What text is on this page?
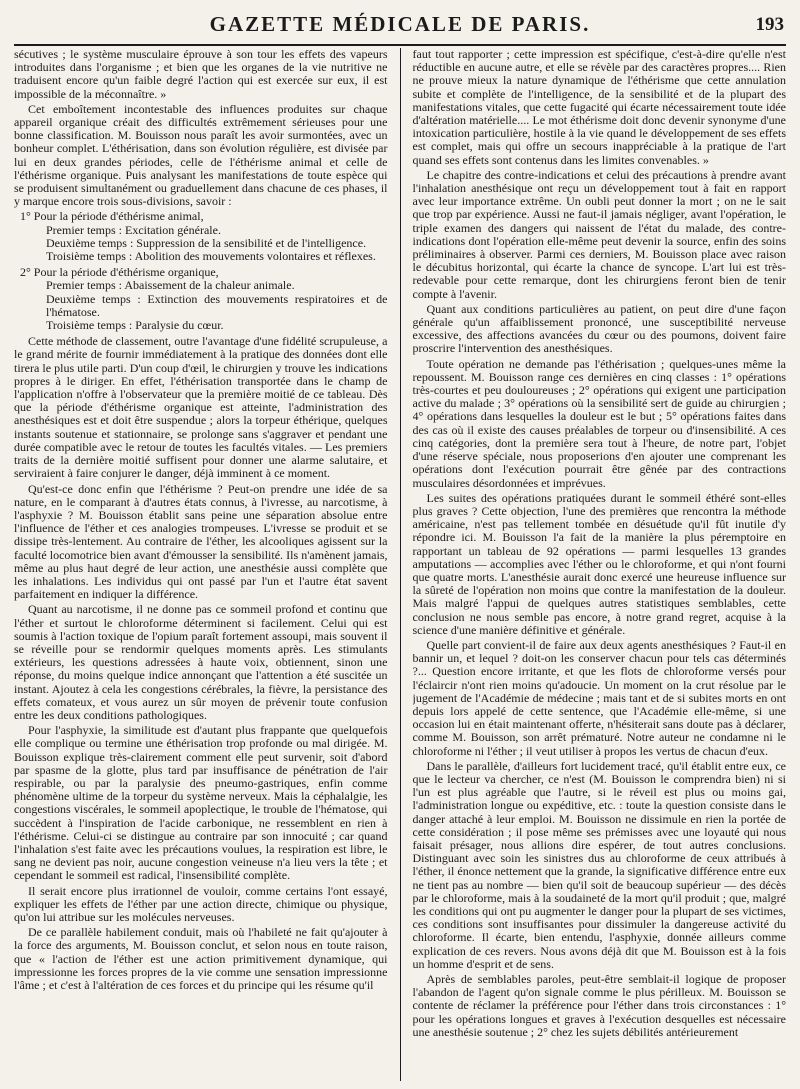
GAZETTE MÉDICALE DE PARIS.	193

sécutives ; le système musculaire éprouve à son tour les effets des vapeurs introduites dans l'organisme ; et bien que les organes de la vie nutritive ne traduisent encore qu'un faible degré l'action qui est exercée sur eux, il est impossible de la méconnaître. »

Cet emboîtement incontestable des influences produites sur chaque appareil organique créait des difficultés extrêmement sérieuses pour une bonne classification. M. Bouisson nous paraît les avoir surmontées, avec un bonheur complet. L'éthérisation, dans son évolution régulière, est divisée par lui en deux grandes périodes, celle de l'éthérisme animal et celle de l'éthérisme organique. Puis analysant les manifestations de toute espèce qui se produisent simultanément ou graduellement dans chacune de ces phases, il y marque encore trois sous-divisions, savoir :

1° Pour la période d'éthérisme animal,
Premier temps : Excitation générale.
Deuxième temps : Suppression de la sensibilité et de l'intelligence.
Troisième temps : Abolition des mouvements volontaires et réflexes.
2° Pour la période d'éthérisme organique,
Premier temps : Abaissement de la chaleur animale.
Deuxième temps : Extinction des mouvements respiratoires et de l'hématose.
Troisième temps : Paralysie du cœur.

Cette méthode de classement, outre l'avantage d'une fidélité scrupuleuse, a le grand mérite de fournir immédiatement à la pratique des données dont elle tirera le plus utile parti. D'un coup d'œil, le chirurgien y trouve les indications propres à le diriger. En effet, l'éthérisation transportée dans le champ de l'application n'offre à l'observateur que la première moitié de ce tableau. Dès que la période d'éthérisme organique est atteinte, l'administration des anesthésiques est et doit être suspendue ; alors la torpeur éthérique, quelques instants soutenue et stationnaire, se prolonge sans s'aggraver et pendant une durée compatible avec le retour de toutes les facultés vitales. — Les premiers traits de la dernière moitié suffisent pour donner une alarme salutaire, et serviraient à faire conjurer le danger, déjà imminent à ce moment.

Qu'est-ce donc enfin que l'éthérisme ? Peut-on prendre une idée de sa nature, en le comparant à d'autres états connus, à l'ivresse, au narcotisme, à l'asphyxie ? M. Bouisson établit sans peine une séparation absolue entre l'influence de l'éther et ces analogies trompeuses. L'ivresse se produit et se dissipe très-lentement. Au contraire de l'éther, les alcooliques agissent sur la faculté locomotrice bien avant d'émousser la sensibilité. Ils n'amènent jamais, même au plus haut degré de leur action, une anesthésie aussi complète que les inhalations. Les individus qui ont passé par l'un et l'autre état savent parfaitement en indiquer la différence.

Quant au narcotisme, il ne donne pas ce sommeil profond et continu que l'éther et surtout le chloroforme déterminent si facilement. Celui qui est soumis à l'action toxique de l'opium paraît fortement assoupi, mais souvent il se réveille pour se rendormir quelques moments après. Les stimulants extérieurs, les questions adressées à haute voix, obtiennent, sinon une réponse, du moins quelque indice annonçant que l'attention a été suscitée un instant. Ajoutez à cela les congestions cérébrales, la fièvre, la persistance des effets comateux, et vous aurez un sûr moyen de prévenir toute confusion entre les deux conditions pathologiques.

Pour l'asphyxie, la similitude est d'autant plus frappante que quelquefois elle complique ou termine une éthérisation trop profonde ou mal dirigée. M. Bouisson explique très-clairement comment elle peut survenir, soit d'abord par spasme de la glotte, plus tard par insuffisance de pénétration de l'air respirable, ou par la paralysie des pneumo-gastriques, enfin comme phénomène ultime de la torpeur du système nerveux. Mais la céphalalgie, les congestions viscérales, le sommeil apoplectique, le trouble de l'hématose, qui succèdent à l'inspiration de l'acide carbonique, ne ressemblent en rien à l'éthérisme. Celui-ci se distingue au contraire par son innocuité ; car quand l'inhalation s'est faite avec les précautions voulues, la respiration est libre, le sang ne devient pas noir, aucune congestion veineuse n'a lieu vers la tête ; et cependant le sommeil est radical, l'insensibilité complète.

Il serait encore plus irrationnel de vouloir, comme certains l'ont essayé, expliquer les effets de l'éther par une action directe, chimique ou physique, qu'on lui attribue sur les molécules nerveuses.

De ce parallèle habilement conduit, mais où l'habileté ne fait qu'ajouter à la force des arguments, M. Bouisson conclut, et selon nous en toute raison, que « l'action de l'éther est une action primitivement dynamique, qui impressionne les forces propres de la vie comme une sensation impressionne l'âme ; et c'est à l'altération de ces forces et du principe qui les résume qu'il

faut tout rapporter ; cette impression est spécifique, c'est-à-dire qu'elle n'est réductible en aucune autre, et elle se révèle par des caractères propres.... Rien ne prouve mieux la nature dynamique de l'éthérisme que cette annulation subite et complète de l'intelligence, de la sensibilité et de la plupart des manifestations vitales, que cette fugacité qui écarte nécessairement toute idée d'altération matérielle.... Le mot éthérisme doit donc devenir synonyme d'une intoxication particulière, hostile à la vie quand le développement de ses effets est complet, mais qui offre un secours inappréciable à la pratique de l'art quand ses effets sont contenus dans les limites convenables. »

Le chapitre des contre-indications et celui des précautions à prendre avant l'inhalation anesthésique ont reçu un développement tout à fait en rapport avec leur importance extrême. Un oubli peut donner la mort ; on ne le sait que trop par expérience. Aussi ne faut-il jamais négliger, avant l'opération, le triple examen des dangers qui naissent de l'état du malade, des contre-indications dont l'opération elle-même peut devenir la source, enfin des soins préliminaires à observer. Parmi ces derniers, M. Bouisson place avec raison le décubitus horizontal, qui écarte la chance de syncope. L'art lui est très-redevable pour cette remarque, dont les chirurgiens feront bien de tenir compte à l'avenir.

Quant aux conditions particulières au patient, on peut dire d'une façon générale qu'un affaiblissement prononcé, une susceptibilité nerveuse excessive, des affections avancées du cœur ou des poumons, doivent faire proscrire l'intervention des anesthésiques.

Toute opération ne demande pas l'éthérisation ; quelques-unes même la repoussent. M. Bouisson range ces dernières en cinq classes : 1° opérations très-courtes et peu douloureuses ; 2° opérations qui exigent une participation active du malade ; 3° opérations où la sensibilité sert de guide au chirurgien ; 4° opérations dans lesquelles la douleur est le but ; 5° opérations faites dans des cas où il existe des causes préalables de torpeur ou d'insensibilité. A ces cinq catégories, dont la première sera tout à l'heure, de notre part, l'objet d'une réserve spéciale, nous proposerions d'en ajouter une comprenant les opérations dont l'exécution pourrait être gênée par des contractions musculaires désordonnées et imprévues.

Les suites des opérations pratiquées durant le sommeil éthéré sont-elles plus graves ? Cette objection, l'une des premières que rencontra la méthode américaine, n'est pas tellement tombée en désuétude qu'il fût inutile d'y répondre ici. M. Bouisson l'a fait de la manière la plus péremptoire en rapportant un tableau de 92 opérations — parmi lesquelles 13 grandes amputations — accomplies avec l'éther ou le chloroforme, et qui n'ont fourni que quatre morts. L'anesthésie aurait donc exercé une heureuse influence sur la sûreté de l'opération non moins que contre la manifestation de la douleur. Mais malgré l'appui de quelques autres statistiques semblables, cette conclusion ne nous semble pas encore, à notre grand regret, acquise à la science d'une manière définitive et générale.

Quelle part convient-il de faire aux deux agents anesthésiques ? Faut-il en bannir un, et lequel ? doit-on les conserver chacun pour tels cas déterminés ?... Question encore irritante, et que les flots de chloroforme versés pour l'éclaircir n'ont rien moins qu'adoucie. Un moment on la crut résolue par le jugement de l'Académie de médecine ; mais tant et de si subites morts en ont depuis lors appelé de cette sentence, que l'Académie elle-même, si une occasion lui en était maintenant offerte, n'hésiterait sans doute pas à déclarer, comme M. Bouisson, son arrêt prématuré. Notre auteur ne condamne ni le chloroforme ni l'éther ; il veut utiliser à propos les vertus de chacun d'eux.

Dans le parallèle, d'ailleurs fort lucidement tracé, qu'il établit entre eux, ce que le lecteur va chercher, ce n'est (M. Bouisson le comprendra bien) ni si l'un est plus agréable que l'autre, si le réveil est plus ou moins gai, l'administration longue ou expéditive, etc. : toute la question consiste dans le danger attaché à leur emploi. M. Bouisson ne dissimule en rien la portée de cette considération ; il pose même ses prémisses avec une loyauté qui nous faisait présager, nous allions dire espérer, de tout autres conclusions. Distinguant avec soin les sinistres dus au chloroforme de ceux attribués à l'éther, il énonce nettement que la grande, la significative différence entre eux ne tient pas au nombre — bien qu'il soit de beaucoup supérieur — des décès par le chloroforme, mais à la soudaineté de la mort qu'il produit ; que, malgré les conditions qui ont pu augmenter le danger pour la plupart de ses victimes, ces conditions sont insuffisantes pour dissimuler la dangereuse activité du chloroforme. Il écarte, bien entendu, l'asphyxie, donnée ailleurs comme explication de ces revers. Nous avons déjà dit que M. Bouisson est à la fois un homme d'esprit et de sens.

Après de semblables paroles, peut-être semblait-il logique de proposer l'abandon de l'agent qu'on signale comme le plus périlleux. M. Bouisson se contente de réclamer la préférence pour l'éther dans trois circonstances : 1° pour les opérations longues et graves à l'exécution desquelles est nécessaire une anesthésie soutenue ; 2° chez les sujets débilités antérieurement
